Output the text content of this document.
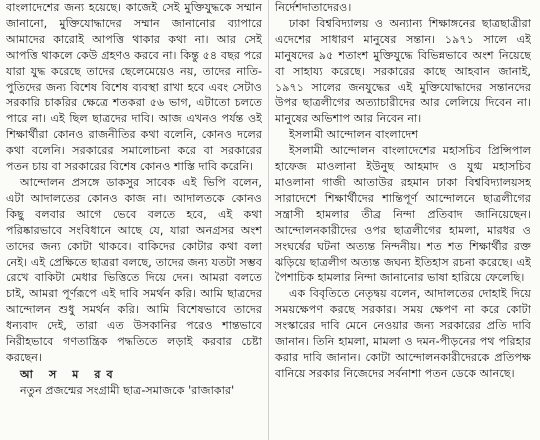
বাংলাদেশের জন্য হয়েছে। কাজেই সেই মুক্তিযুদ্ধকে সম্মান জানানো, মুক্তিযোদ্ধাদের সম্মান জানানোর ব্যাপারে আমাদের কারোই আপত্তি থাকার কথা না। আর সেই আপত্তি থাকলে কেউ গ্রহণও করবে না। কিন্তু ৫৪ বছর পরে যারা যুদ্ধ করেছে তাদের ছেলেমেয়েও নয়, তাদের নাতি-পুতিদের জন্য বিশেষ বিশেষ ব্যবস্থা রাখা হবে এবং সেটাও সরকারি চাকরির ক্ষেত্রে শতকরা ৫৬ ভাগ, এটাতো চলতে পারে না। এই ছিল ছাত্রদের দাবি। আজ এখনও পর্যন্ত ওই শিক্ষার্থীরা কোনও রাজনীতির কথা বলেনি, কোনও দলের কথা বলেনি। সরকারের সমালোচনা করে বা সরকারের পতন চায় বা সরকারের বিশেষ কোনও শাস্তি দাবি করেনি।

আন্দোলন প্রসঙ্গে ডাকসুর সাবেক এই ভিপি বলেন, এটা আদালতের কোনও কাজ না। আদালতকে কোনও কিছু বলবার আগে ভেবে বলতে হবে, এই কথা পরিষ্কারভাবে সংবিধানে আছে যে, যারা অনগ্রসর অংশ তাদের জন্য কোটা থাকবে। বাকিদের কোটার কথা বলা নেই। এই প্রেক্ষিতে ছাত্ররা বলছে, তাদের জন্য যতটা সম্ভব রেখে বাকিটা মেধার ভিত্তিতে দিয়ে দেন। আমরা বলতে চাই, আমরা পূর্ণরূপে এই দাবি সমর্থন করি। আমি ছাত্রদের আন্দোলন শুধু সমর্থন করি। আমি বিশেষভাবে তাদের ধন্যবাদ দেই, তারা এত উসকানির পরেও শান্তভাবে নিরীহভাবে গণতান্ত্রিক পদ্ধতিতে লড়াই করবার চেষ্টা করছেন।

আ স ম রব

নতুন প্রজন্মের সংগ্রামী ছাত্র-সমাজকে 'রাজাকার'

নির্দেশদাতাদেরও।

ঢাকা বিশ্ববিদ্যালয় ও অন্যান্য শিক্ষাঙ্গনের ছাত্রছাত্রীরা এদেশের সাধারণ মানুষের সন্তান। ১৯৭১ সালে এই মানুষদের ৯৫ শতাংশ মুক্তিযুদ্ধে বিভিন্নভাবে অংশ নিয়েছে বা সাহায্য করেছে। সরকারের কাছে আহবান জানাই, ১৯৭১ সালের জনযুদ্ধের এই মুক্তিযোদ্ধাদের সন্তানদের উপর ছাত্রলীগের অত্যাচারীদের আর লেলিয়ে দিবেন না। মানুষের অভিশাপ আর নিবেন না।

ইসলামী আন্দোলন বাংলাদেশ

ইসলামী আন্দোলন বাংলাদেশের মহাসচিব প্রিন্সিপাল হাফেজ মাওলানা ইউনুছ আহমাদ ও যুগ্ম মহাসচিব মাওলানা গাজী আতাউর রহমান ঢাকা বিশ্ববিদ্যালয়সহ সারাদেশে শিক্ষার্থীদের শান্তিপূর্ণ আন্দোলনে ছাত্রলীগের সন্ত্রাসী হামলার তীব্র নিন্দা প্রতিবাদ জানিয়েছেন। আন্দোলনকারীদের ওপর ছাত্রলীগের হামলা, মারধর ও সংঘর্ষের ঘটনা অত্যন্ত নিন্দনীয়। শত শত শিক্ষার্থীর রক্ত ঝড়িয়ে ছাত্রলীগ অত্যন্ত জঘন্য ইতিহাস রচনা করেছে। এই পৈশাচিক হামলার নিন্দা জানানোর ভাষা হারিয়ে ফেলেছি।

এক বিবৃতিতে নেতৃদ্বয় বলেন, আদালতের দোহাই দিয়ে সময়ক্ষেপণ করছে সরকার। সময় ক্ষেপণ না করে কোটা সংস্কারের দাবি মেনে নেওয়ার জন্য সরকারের প্রতি দাবি জানান। তিনি হামলা, মামলা ও দমন-পীড়নের পথ পরিহার করার দাবি জানান। কোটা আন্দোলনকারীদেরকে প্রতিপক্ষ বানিয়ে সরকার নিজেদের সর্বনাশা পতন ডেকে আনছে।
